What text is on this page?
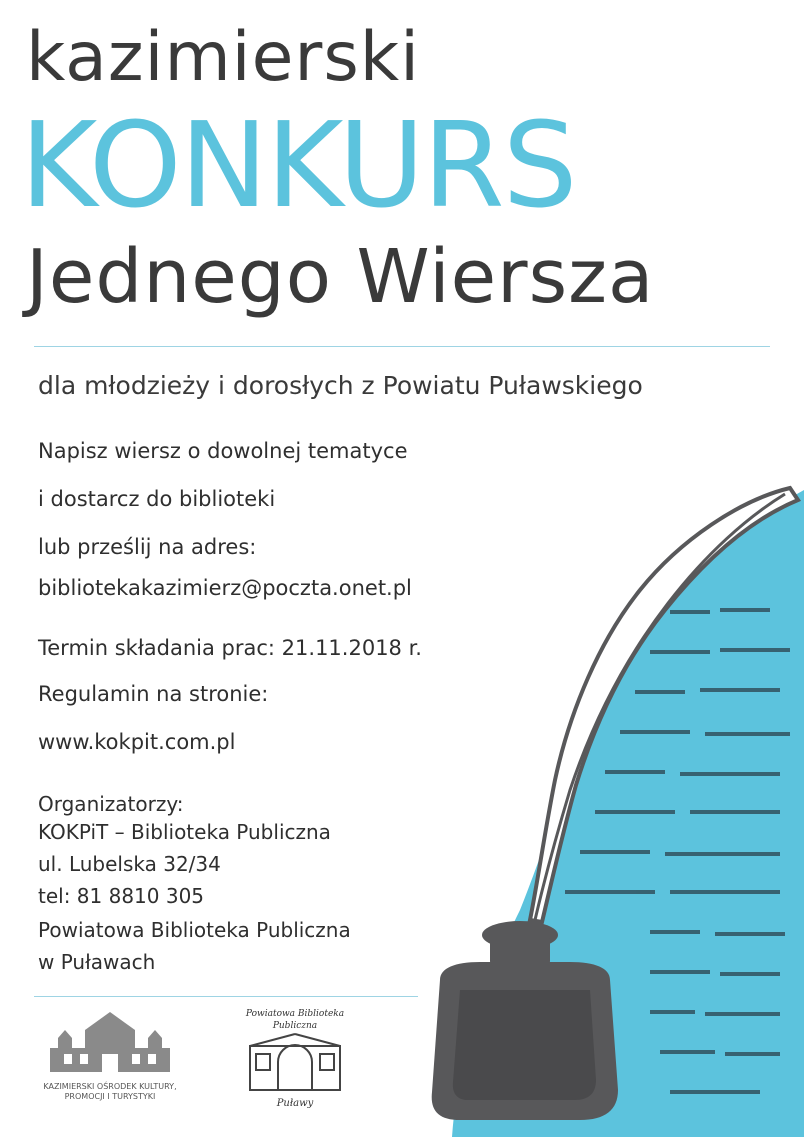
kazimierski
KONKURS
Jednego Wiersza
dla młodzieży i dorosłych z Powiatu Puławskiego
Napisz wiersz o dowolnej tematyce
i dostarcz do biblioteki
lub prześlij na adres:
bibliotekakazimierz@poczta.onet.pl
Termin składania prac: 21.11.2018 r.
Regulamin na stronie:
www.kokpit.com.pl
Organizatorzy:
KOKPiT – Biblioteka Publiczna
ul. Lubelska 32/34
tel: 81 8810 305
Powiatowa Biblioteka Publiczna
w Puławach
KAZIMIERSKI OŚRODEK KULTURY,
PROMOCJI I TURYSTYKI
Powiatowa Biblioteka Publiczna
Puławy
